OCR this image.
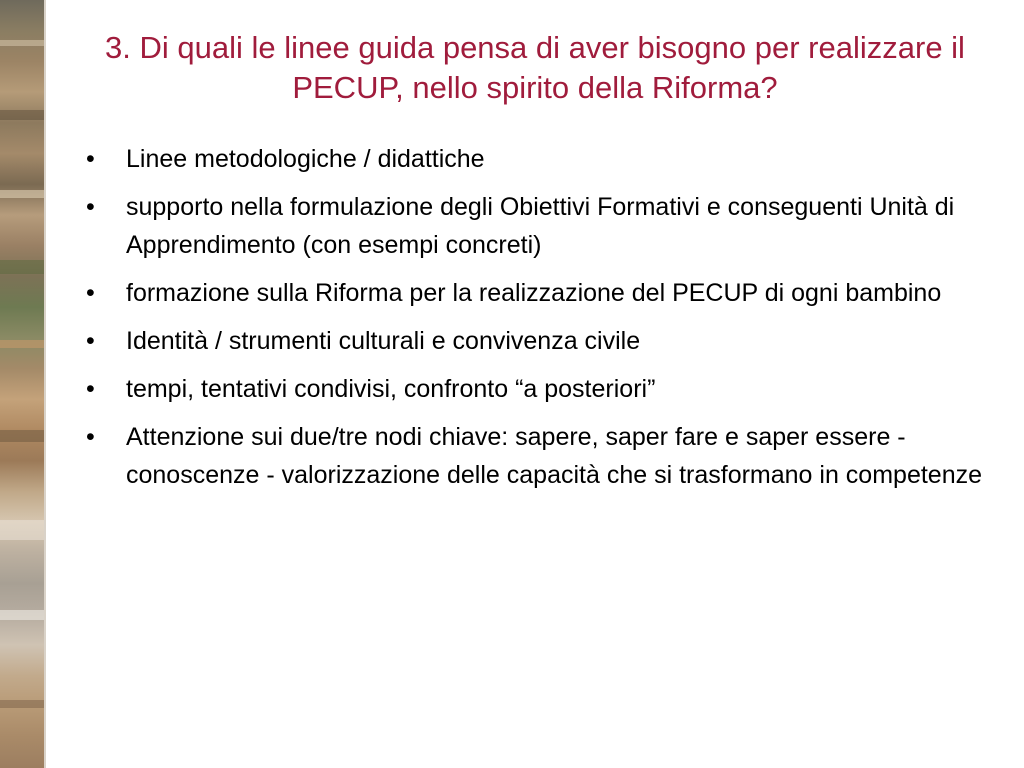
3. Di quali le linee guida pensa di aver bisogno per realizzare il PECUP, nello spirito della Riforma?
• Linee metodologiche / didattiche
• supporto nella formulazione degli Obiettivi Formativi e conseguenti Unità di Apprendimento (con esempi concreti)
• formazione sulla Riforma per la realizzazione del PECUP di ogni bambino
• Identità / strumenti culturali e convivenza civile
• tempi, tentativi condivisi, confronto “a posteriori”
• Attenzione sui due/tre nodi chiave: sapere, saper fare e saper essere - conoscenze - valorizzazione delle capacità che si trasformano in competenze
